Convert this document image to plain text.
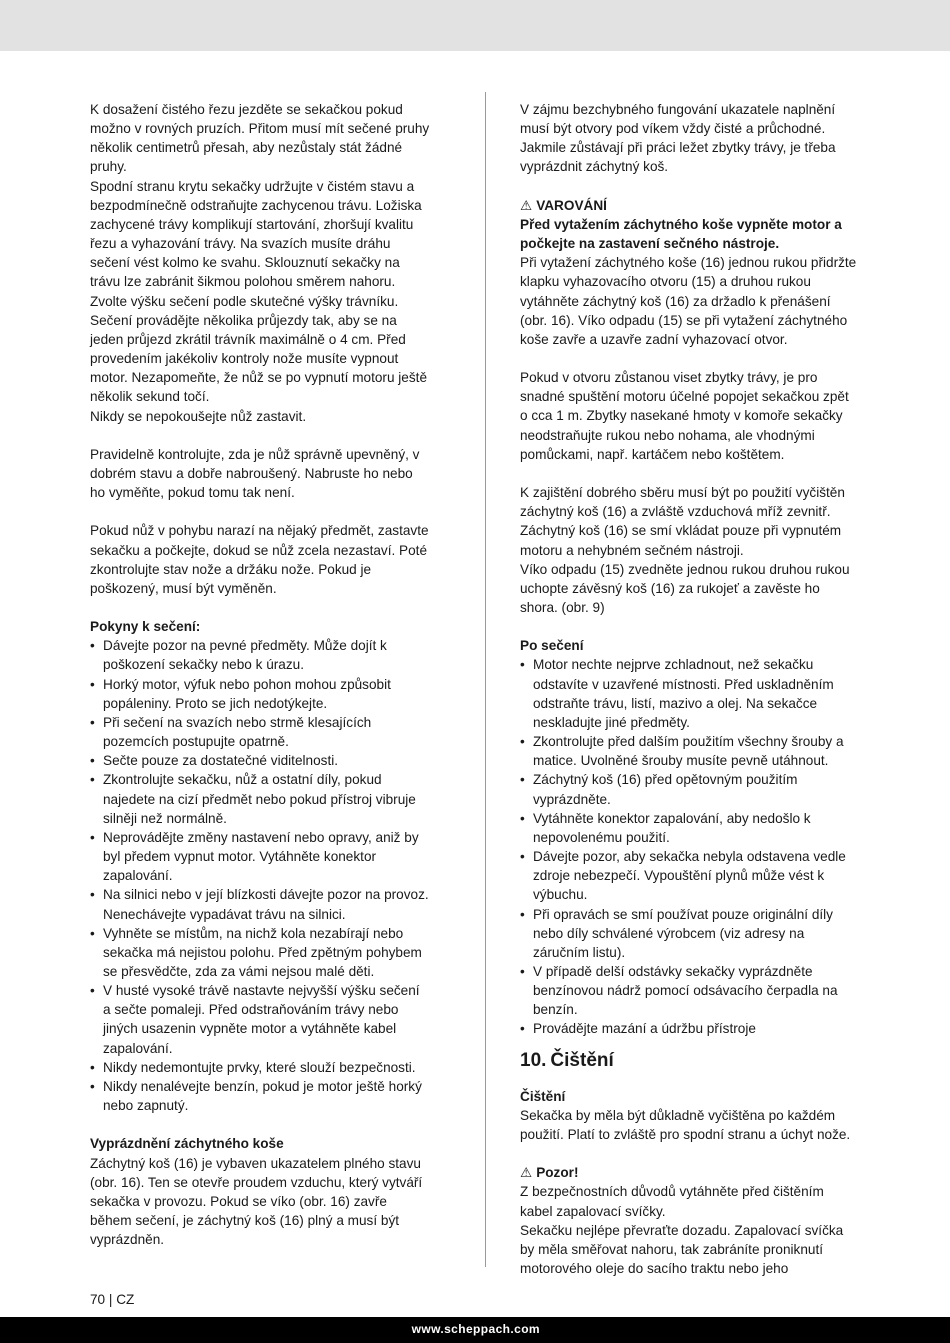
K dosažení čistého řezu jezděte se sekačkou pokud možno v rovných pruzích. Přitom musí mít sečené pruhy několik centimetrů přesah, aby nezůstaly stát žádné pruhy.

Spodní stranu krytu sekačky udržujte v čistém stavu a bezpodmínečně odstraňujte zachycenou trávu. Ložiska zachycené trávy komplikují startování, zhoršují kvalitu řezu a vyhazování trávy. Na svazích musíte dráhu sečení vést kolmo ke svahu. Sklouznutí sekačky na trávu lze zabránit šikmou polohou směrem nahoru. Zvolte výšku sečení podle skutečné výšky trávníku.

Sečení provádějte několika průjezdy tak, aby se na jeden průjezd zkrátil trávník maximálně o 4 cm. Před provedením jakékoliv kontroly nože musíte vypnout motor. Nezapomeňte, že nůž se po vypnutí motoru ještě několik sekund točí.

Nikdy se nepokoušejte nůž zastavit.

Pravidelně kontrolujte, zda je nůž správně upevněný, v dobrém stavu a dobře nabroušený. Nabruste ho nebo ho vyměňte, pokud tomu tak není.

Pokud nůž v pohybu narazí na nějaký předmět, zastavte sekačku a počkejte, dokud se nůž zcela nezastaví. Poté zkontrolujte stav nože a držáku nože. Pokud je poškozený, musí být vyměněn.

Pokyny k sečení:

• Dávejte pozor na pevné předměty. Může dojít k poškození sekačky nebo k úrazu.
• Horký motor, výfuk nebo pohon mohou způsobit popáleniny. Proto se jich nedotýkejte.
• Při sečení na svazích nebo strmě klesajících pozemcích postupujte opatrně.
• Sečte pouze za dostatečné viditelnosti.
• Zkontrolujte sekačku, nůž a ostatní díly, pokud najedete na cizí předmět nebo pokud přístroj vibruje silněji než normálně.
• Neprovádějte změny nastavení nebo opravy, aniž by byl předem vypnut motor. Vytáhněte konektor zapalování.
• Na silnici nebo v její blízkosti dávejte pozor na provoz. Nenechávejte vypadávat trávu na silnici.
• Vyhněte se místům, na nichž kola nezabírají nebo sekačka má nejistou polohu. Před zpětným pohybem se přesvědčte, zda za vámi nejsou malé děti.
• V husté vysoké trávě nastavte nejvyšší výšku sečení a sečte pomaleji. Před odstraňováním trávy nebo jiných usazenin vypněte motor a vytáhněte kabel zapalování.
• Nikdy nedemontujte prvky, které slouží bezpečnosti.
• Nikdy nenalévejte benzín, pokud je motor ještě horký nebo zapnutý.

Vyprázdnění záchytného koše

Záchytný koš (16) je vybaven ukazatelem plného stavu (obr. 16). Ten se otevře proudem vzduchu, který vytváří sekačka v provozu. Pokud se víko (obr. 16) zavře během sečení, je záchytný koš (16) plný a musí být vyprázdněn.

V zájmu bezchybného fungování ukazatele naplnění musí být otvory pod víkem vždy čisté a průchodné. Jakmile zůstávají při práci ležet zbytky trávy, je třeba vyprázdnit záchytný koš.

⚠ VAROVÁNÍ

Před vytažením záchytného koše vypněte motor a počkejte na zastavení sečného nástroje.

Při vytažení záchytného koše (16) jednou rukou přidržte klapku vyhazovacího otvoru (15) a druhou rukou vytáhněte záchytný koš (16) za držadlo k přenášení (obr. 16). Víko odpadu (15) se při vytažení záchytného koše zavře a uzavře zadní vyhazovací otvor.

Pokud v otvoru zůstanou viset zbytky trávy, je pro snadné spuštění motoru účelné popojet sekačkou zpět o cca 1 m. Zbytky nasekané hmoty v komoře sekačky neodstraňujte rukou nebo nohama, ale vhodnými pomůckami, např. kartáčem nebo koštětem.

K zajištění dobrého sběru musí být po použití vyčištěn záchytný koš (16) a zvláště vzduchová mříž zevnitř.

Záchytný koš (16) se smí vkládat pouze při vypnutém motoru a nehybném sečném nástroji.

Víko odpadu (15) zvedněte jednou rukou druhou rukou uchopte závěsný koš (16) za rukojeť a zavěste ho shora. (obr. 9)

Po sečení

• Motor nechte nejprve zchladnout, než sekačku odstavíte v uzavřené místnosti. Před uskladněním odstraňte trávu, listí, mazivo a olej. Na sekačce neskladujte jiné předměty.
• Zkontrolujte před dalším použitím všechny šrouby a matice. Uvolněné šrouby musíte pevně utáhnout.
• Záchytný koš (16) před opětovným použitím vyprázdněte.
• Vytáhněte konektor zapalování, aby nedošlo k nepovolenému použití.
• Dávejte pozor, aby sekačka nebyla odstavena vedle zdroje nebezpečí. Vypouštění plynů může vést k výbuchu.
• Při opravách se smí používat pouze originální díly nebo díly schválené výrobcem (viz adresy na záručním listu).
• V případě delší odstávky sekačky vyprázdněte benzínovou nádrž pomocí odsávacího čerpadla na benzín.
• Provádějte mazání a údržbu přístroje
10. Čištění

Čištění

Sekačka by měla být důkladně vyčištěna po každém použití. Platí to zvláště pro spodní stranu a úchyt nože.

⚠ Pozor!

Z bezpečnostních důvodů vytáhněte před čištěním kabel zapalovací svíčky.

Sekačku nejlépe převraťte dozadu. Zapalovací svíčka by měla směřovat nahoru, tak zabráníte proniknutí motorového oleje do sacího traktu nebo jeho

70 | CZ
www.scheppach.com
